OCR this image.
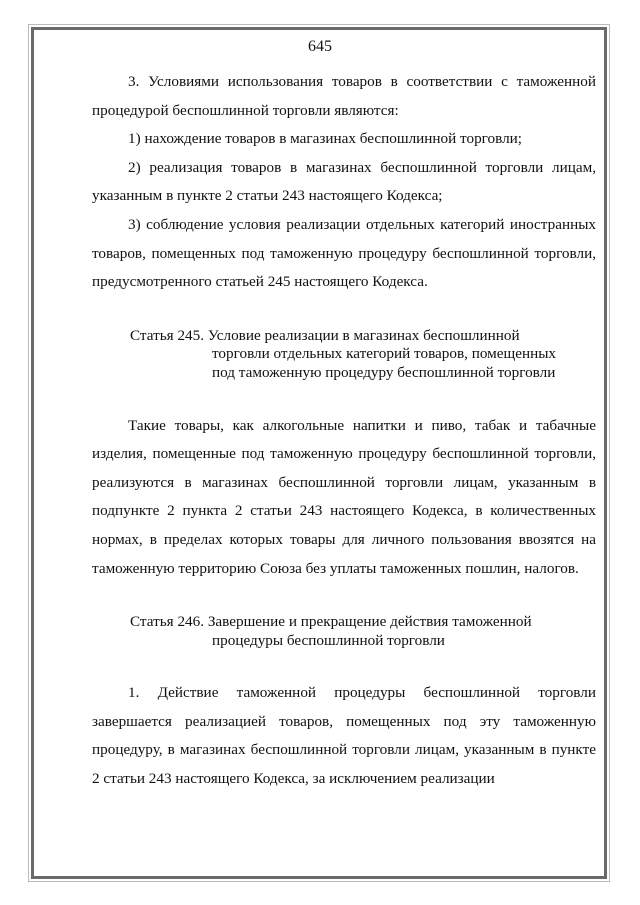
645

3. Условиями использования товаров в соответствии с таможенной процедурой беспошлинной торговли являются:

1) нахождение товаров в магазинах беспошлинной торговли;

2) реализация товаров в магазинах беспошлинной торговли лицам, указанным в пункте 2 статьи 243 настоящего Кодекса;

3) соблюдение условия реализации отдельных категорий иностранных товаров, помещенных под таможенную процедуру беспошлинной торговли, предусмотренного статьей 245 настоящего Кодекса.

Статья 245. Условие реализации в магазинах беспошлинной
торговли отдельных категорий товаров, помещенных
под таможенную процедуру беспошлинной торговли

Такие товары, как алкогольные напитки и пиво, табак и табачные изделия, помещенные под таможенную процедуру беспошлинной торговли, реализуются в магазинах беспошлинной торговли лицам, указанным в подпункте 2 пункта 2 статьи 243 настоящего Кодекса, в количественных нормах, в пределах которых товары для личного пользования ввозятся на таможенную территорию Союза без уплаты таможенных пошлин, налогов.

Статья 246. Завершение и прекращение действия таможенной
процедуры беспошлинной торговли

1. Действие таможенной процедуры беспошлинной торговли завершается реализацией товаров, помещенных под эту таможенную процедуру, в магазинах беспошлинной торговли лицам, указанным в пункте 2 статьи 243 настоящего Кодекса, за исключением реализации
